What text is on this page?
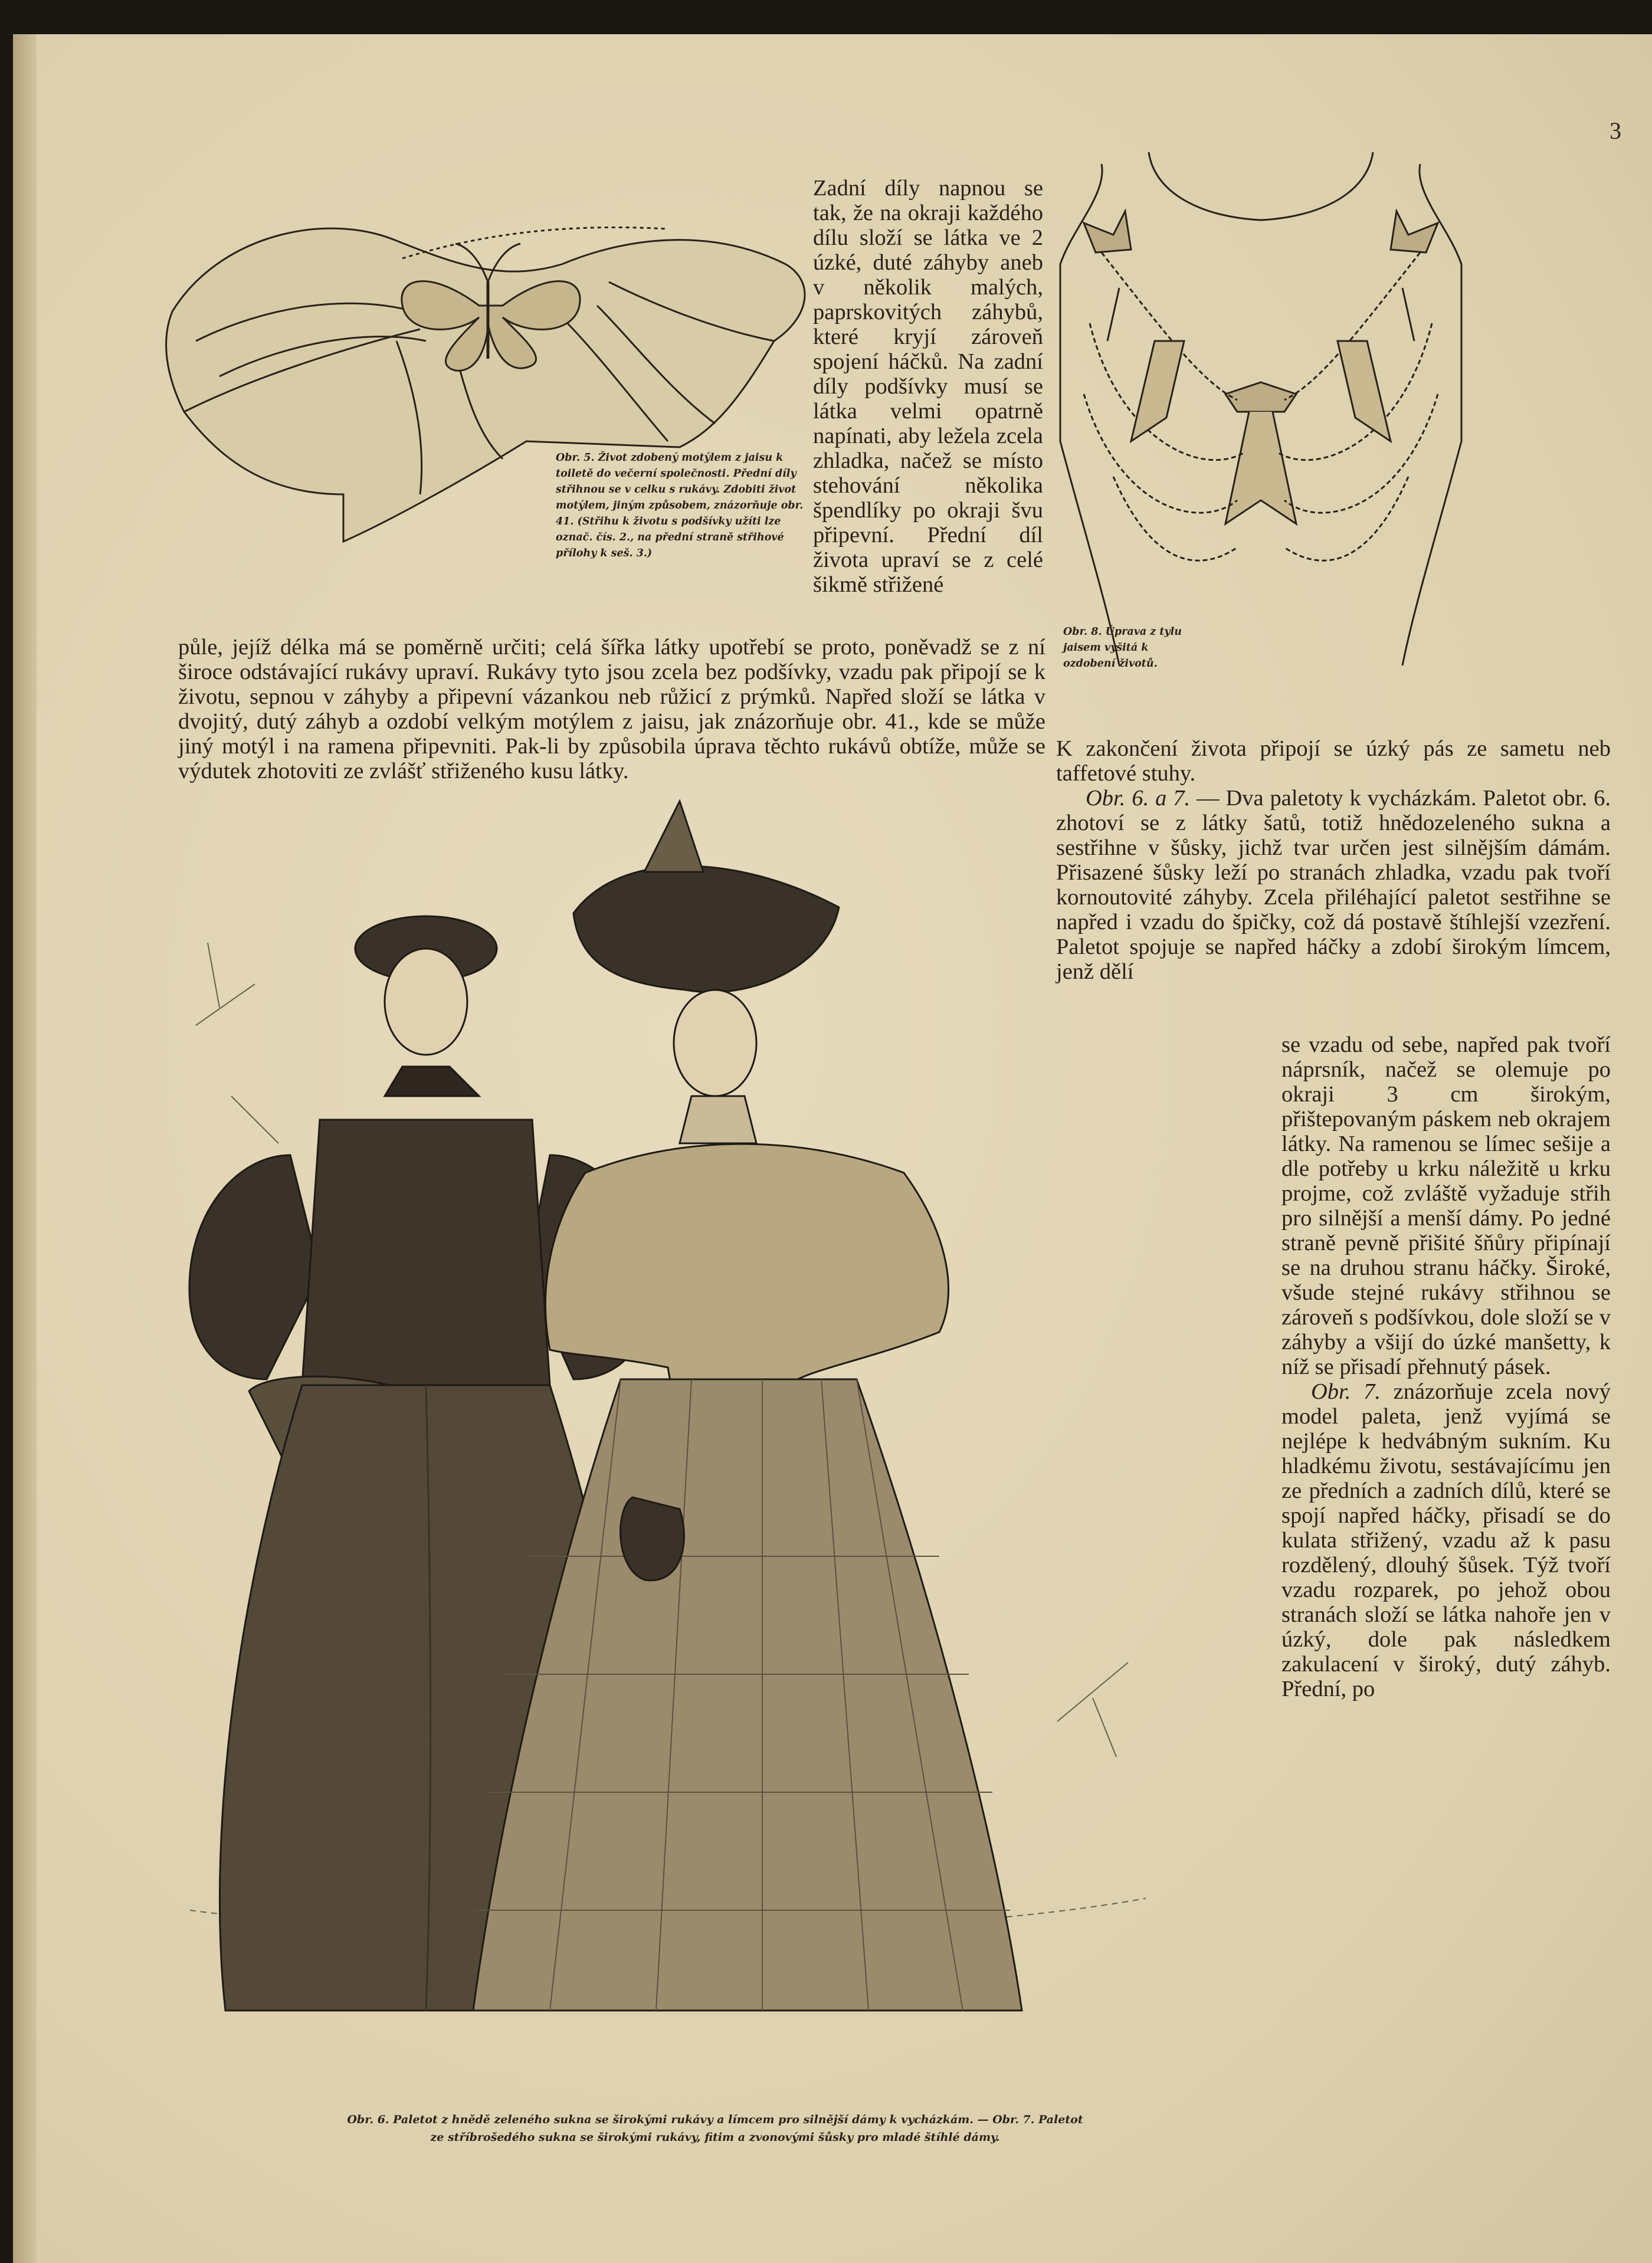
3
Obr. 5. Život zdobený motýlem z jaisu k toiletě do večerní společnosti. Přední díly střihnou se v celku s rukávy. Zdobiti život motýlem, jiným způsobem, znázorňuje obr. 41. (Střihu k životu s podšívky užíti lze označ. čís. 2., na přední straně střihové přílohy k seš. 3.)

Zadní díly napnou se tak, že na okraji každého dílu složí se látka ve 2 úzké, duté záhyby aneb v několik malých, paprskovitých záhybů, které kryjí zároveň spojení háčků. Na zadní díly podšívky musí se látka velmi opatrně napínati, aby ležela zcela zhladka, načež se místo stehování několika špendlíky po okraji švu připevní. Přední díl života upraví se z celé šikmě střižené

Obr. 8. Úprava z tylu jaisem vyšitá k ozdobení životů.

půle, jejíž délka má se poměrně určiti; celá šířka látky upotřebí se proto, poněvadž se z ní široce odstávající rukávy upraví. Rukávy tyto jsou zcela bez podšívky, vzadu pak připojí se k životu, sepnou v záhyby a připevní vázankou neb růžicí z prýmků. Napřed složí se látka v dvojitý, dutý záhyb a ozdobí velkým motýlem z jaisu, jak znázorňuje obr. 41., kde se může jiný motýl i na ramena připevniti. Pak-li by způsobila úprava těchto rukávů obtíže, může se výdutek zhotoviti ze zvlášť střiženého kusu látky.

K zakončení života připojí se úzký pás ze sametu neb taffetové stuhy.

Obr. 6. a 7. — Dva paletoty k vycházkám. Paletot obr. 6. zhotoví se z látky šatů, totiž hnědozeleného sukna a sestřihne v šůsky, jichž tvar určen jest silnějším dámám. Přisazené šůsky leží po stranách zhladka, vzadu pak tvoří kornoutovité záhyby. Zcela přiléhající paletot sestřihne se napřed i vzadu do špičky, což dá postavě štíhlejší vzezření. Paletot spojuje se napřed háčky a zdobí širokým límcem, jenž dělí

se vzadu od sebe, napřed pak tvoří náprsník, načež se olemuje po okraji 3 cm širokým, přištepovaným páskem neb okrajem látky. Na ramenou se límec sešije a dle potřeby u krku náležitě u krku projme, což zvláště vyžaduje střih pro silnější a menší dámy. Po jedné straně pevně přišité šňůry připínají se na druhou stranu háčky. Široké, všude stejné rukávy střihnou se zároveň s podšívkou, dole složí se v záhyby a všijí do úzké manšetty, k níž se přisadí přehnutý pásek.

Obr. 7. znázorňuje zcela nový model paleta, jenž vyjímá se nejlépe k hedvábným sukním. Ku hladkému životu, sestávajícímu jen ze předních a zadních dílů, které se spojí napřed háčky, přisadí se do kulata střižený, vzadu až k pasu rozdělený, dlouhý šůsek. Týž tvoří vzadu rozparek, po jehož obou stranách složí se látka nahoře jen v úzký, dole pak následkem zakulacení v široký, dutý záhyb. Přední, po

Obr. 6. Paletot z hnědě zeleného sukna se širokými rukávy a límcem pro silnější dámy k vycházkám. — Obr. 7. Paletot
ze stříbrošedého sukna se širokými rukávy, fitim a zvonovými šůsky pro mladé štíhlé dámy.
